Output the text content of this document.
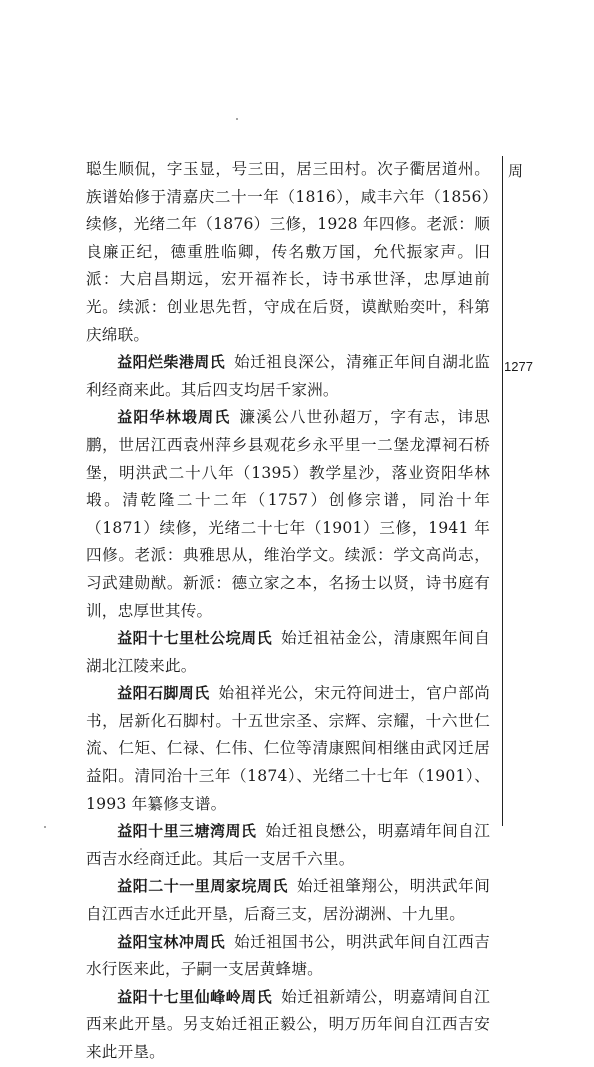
聪生顺侃，字玉显，号三田，居三田村。次子衢居道州。族谱始修于清嘉庆二十一年（1816），咸丰六年（1856）续修，光绪二年（1876）三修，1928 年四修。老派：顺良廉正纪，德重胜临卿，传名敷万国，允代振家声。旧派：大启昌期远，宏开福祚长，诗书承世泽，忠厚迪前光。续派：创业思先哲，守成在后贤，谟猷贻奕叶，科第庆绵联。

益阳烂柴港周氏 始迁祖良深公，清雍正年间自湖北监利经商来此。其后四支均居千家洲。

益阳华林塅周氏 濂溪公八世孙超万，字有志，讳思鹏，世居江西袁州萍乡县观花乡永平里一二堡龙潭祠石桥堡，明洪武二十八年（1395）教学星沙，落业资阳华林塅。清乾隆二十二年（1757）创修宗谱，同治十年（1871）续修，光绪二十七年（1901）三修，1941 年四修。老派：典雅思从，维治学文。续派：学文高尚志，习武建勋猷。新派：德立家之本，名扬士以贤，诗书庭有训，忠厚世其传。

益阳十七里杜公垸周氏 始迁祖祜金公，清康熙年间自湖北江陵来此。

益阳石脚周氏 始祖祥光公，宋元符间进士，官户部尚书，居新化石脚村。十五世宗圣、宗辉、宗耀，十六世仁流、仁矩、仁禄、仁伟、仁位等清康熙间相继由武冈迁居益阳。清同治十三年（1874）、光绪二十七年（1901）、1993 年纂修支谱。

益阳十里三塘湾周氏 始迁祖良懋公，明嘉靖年间自江西吉水经商迁此。其后一支居千六里。

益阳二十一里周家垸周氏 始迁祖肇翔公，明洪武年间自江西吉水迁此开垦，后裔三支，居汾湖洲、十九里。

益阳宝林冲周氏 始迁祖国书公，明洪武年间自江西吉水行医来此，子嗣一支居黄蜂塘。

益阳十七里仙峰岭周氏 始迁祖新靖公，明嘉靖间自江西来此开垦。另支始迁祖正毅公，明万历年间自江西吉安来此开垦。

周
1277
